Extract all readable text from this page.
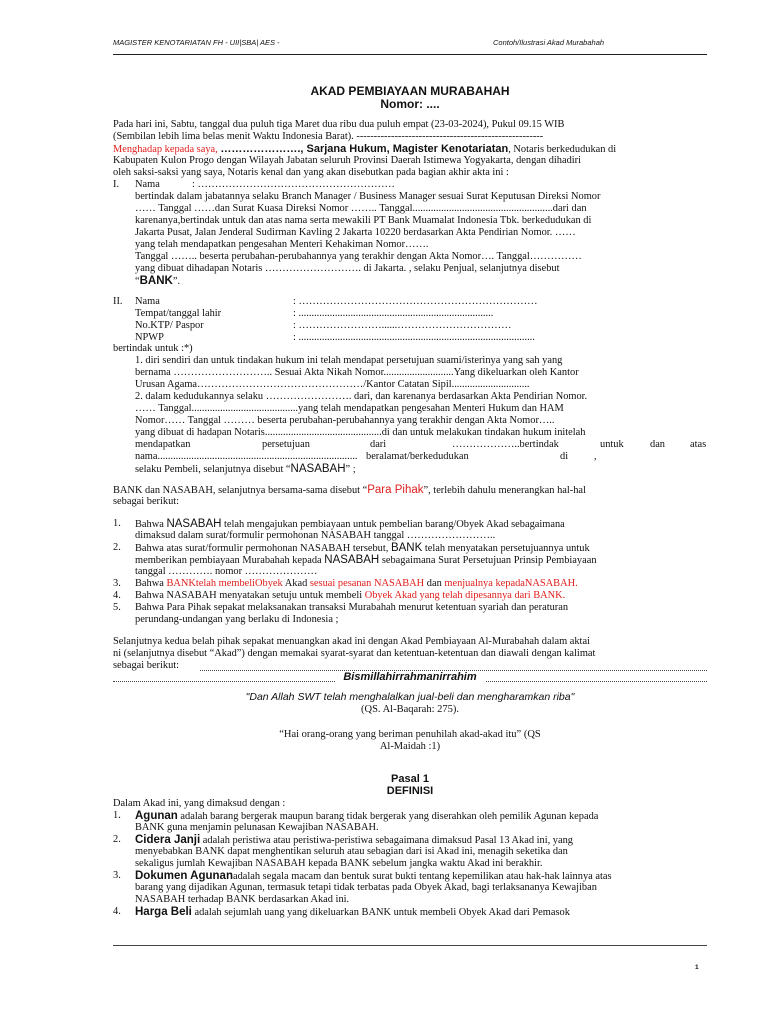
MAGISTER KENOTARIATAN FH - UII|SBA| AES -	Contoh/Ilustrasi Akad Murabahah
AKAD PEMBIAYAAN MURABAHAH
Nomor: ....
Pada hari ini, Sabtu, tanggal dua puluh tiga Maret dua ribu dua puluh empat (23-03-2024), Pukul 09.15 WIB
(Sembilan lebih lima belas menit Waktu Indonesia Barat). ------------------------------------------------------
Menghadap kepada saya, …………………., Sarjana Hukum, Magister Kenotariatan, Notaris berkedudukan di
Kabupaten Kulon Progo dengan Wilayah Jabatan seluruh Provinsi Daerah Istimewa Yogyakarta, dengan dihadiri
oleh saksi-saksi yang saya, Notaris kenal dan yang akan disebutkan pada bagian akhir akta ini :
I. Nama	: …………………………………………………
bertindak dalam jabatannya selaku Branch Manager / Business Manager sesuai Surat Keputusan Direksi Nomor
…… Tanggal ……dan Surat Kuasa Direksi Nomor …….. Tanggal......................................................dari dan
karenanya,bertindak untuk dan atas nama serta mewakili PT Bank Muamalat Indonesia Tbk. berkedudukan di
Jakarta Pusat, Jalan Jenderal Sudirman Kavling 2 Jakarta 10220 berdasarkan Akta Pendirian Nomor. ……
yang telah mendapatkan pengesahan Menteri Kehakiman Nomor…….
Tanggal …….. beserta perubahan-perubahannya yang terakhir dengan Akta Nomor…. Tanggal……………
yang dibuat dihadapan Notaris ………………………. di Jakarta. , selaku Penjual, selanjutnya disebut
“BANK”.
II. Nama	: ……………………………………………………………
Tempat/tanggal lahir	: ...........................................................................
No.KTP/ Paspor	: ……………………......……………………………
NPWP	: ...........................................................................................
bertindak untuk :*)
1. diri sendiri dan untuk tindakan hukum ini telah mendapat persetujuan suami/isterinya yang sah yang
bernama ……………………….. Sesuai Akta Nikah Nomor...........................Yang dikeluarkan oleh Kantor
Urusan Agama…………………………………………/Kantor Catatan Sipil..............................
2. dalam kedudukannya selaku ……………………. dari, dan karenanya berdasarkan Akta Pendirian Nomor.
…… Tanggal.........................................yang telah mendapatkan pengesahan Menteri Hukum dan HAM
Nomor…… Tanggal ……… beserta perubahan-perubahannya yang terakhir dengan Akta Nomor…..
yang dibuat di hadapan Notaris.............................................di dan untuk melakukan tindakan hukum initelah
mendapatkan	persetujuan	dari	………………..bertindak	untuk	dan atas
nama............................................................................. beralamat/berkedudukan	di ,
selaku Pembeli, selanjutnya disebut “NASABAH” ;
BANK dan NASABAH, selanjutnya bersama-sama disebut “Para Pihak”, terlebih dahulu menerangkan hal-hal
sebagai berikut:
1. Bahwa NASABAH telah mengajukan pembiayaan untuk pembelian barang/Obyek Akad sebagaimana
dimaksud dalam surat/formulir permohonan NASABAH tanggal ……………………..
2. Bahwa atas surat/formulir permohonan NASABAH tersebut, BANK telah menyatakan persetujuannya untuk
memberikan pembiayaan Murabahah kepada NASABAH sebagaimana Surat Persetujuan Prinsip Pembiayaan
tanggal …………. nomor …………………
3. Bahwa BANKtelah membeliObyek Akad sesuai pesanan NASABAH dan menjualnya kepadaNASABAH.
4. Bahwa NASABAH menyatakan setuju untuk membeli Obyek Akad yang telah dipesannya dari BANK.
5. Bahwa Para Pihak sepakat melaksanakan transaksi Murabahah menurut ketentuan syariah dan peraturan
perundang-undangan yang berlaku di Indonesia ;
Selanjutnya kedua belah pihak sepakat menuangkan akad ini dengan Akad Pembiayaan Al-Murabahah dalam aktai
ni (selanjutnya disebut “Akad”) dengan memakai syarat-syarat dan ketentuan-ketentuan dan diawali dengan kalimat
sebagai berikut:
Bismillahirrahmanirrahim
"Dan Allah SWT telah menghalalkan jual-beli dan mengharamkan riba"
(QS. Al-Baqarah: 275).
“Hai orang-orang yang beriman penuhilah akad-akad itu” (QS
Al-Maidah :1)
Pasal 1
DEFINISI
Dalam Akad ini, yang dimaksud dengan :
1. Agunan adalah barang bergerak maupun barang tidak bergerak yang diserahkan oleh pemilik Agunan kepada
BANK guna menjamin pelunasan Kewajiban NASABAH.
2. Cidera Janji adalah peristiwa atau peristiwa-peristiwa sebagaimana dimaksud Pasal 13 Akad ini, yang
menyebabkan BANK dapat menghentikan seluruh atau sebagian dari isi Akad ini, menagih seketika dan
sekaligus jumlah Kewajiban NASABAH kepada BANK sebelum jangka waktu Akad ini berakhir.
3. Dokumen Agunanadalah segala macam dan bentuk surat bukti tentang kepemilikan atau hak-hak lainnya atas
barang yang dijadikan Agunan, termasuk tetapi tidak terbatas pada Obyek Akad, bagi terlaksananya Kewajiban
NASABAH terhadap BANK berdasarkan Akad ini.
4. Harga Beli adalah sejumlah uang yang dikeluarkan BANK untuk membeli Obyek Akad dari Pemasok
1
